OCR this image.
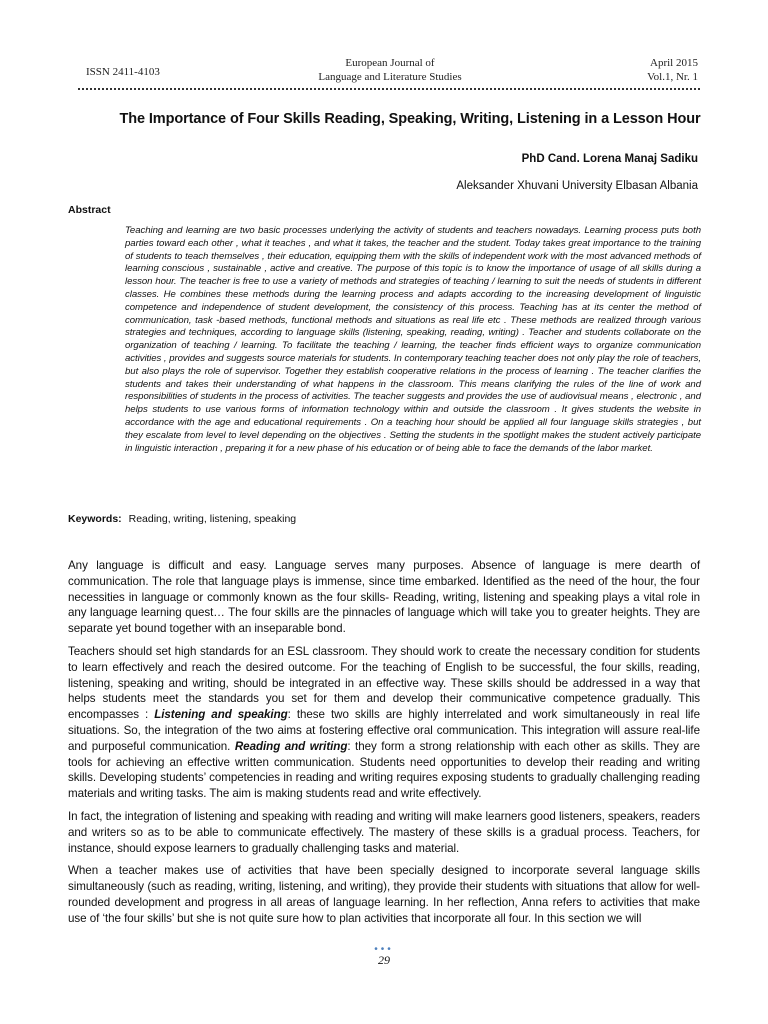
ISSN 2411-4103
European Journal of
Language and Literature Studies
April 2015
Vol.1, Nr. 1
The Importance of Four Skills Reading, Speaking, Writing, Listening in a Lesson Hour
PhD Cand. Lorena Manaj Sadiku
Aleksander Xhuvani University Elbasan Albania
Abstract
Teaching and learning are two basic processes underlying the activity of students and teachers nowadays. Learning process puts both parties toward each other , what it teaches , and what it takes, the teacher and the student. Today takes great importance to the training of students to teach themselves , their education, equipping them with the skills of independent work with the most advanced methods of learning conscious , sustainable , active and creative. The purpose of this topic is to know the importance of usage of all skills during a lesson hour. The teacher is free to use a variety of methods and strategies of teaching / learning to suit the needs of students in different classes. He combines these methods during the learning process and adapts according to the increasing development of linguistic competence and independence of student development, the consistency of this process. Teaching has at its center the method of communication, task -based methods, functional methods and situations as real life etc . These methods are realized through various strategies and techniques, according to language skills (listening, speaking, reading, writing) . Teacher and students collaborate on the organization of teaching / learning. To facilitate the teaching / learning, the teacher finds efficient ways to organize communication activities , provides and suggests source materials for students. In contemporary teaching teacher does not only play the role of teachers, but also plays the role of supervisor. Together they establish cooperative relations in the process of learning . The teacher clarifies the students and takes their understanding of what happens in the classroom. This means clarifying the rules of the line of work and responsibilities of students in the process of activities. The teacher suggests and provides the use of audiovisual means , electronic , and helps students to use various forms of information technology within and outside the classroom . It gives students the website in accordance with the age and educational requirements . On a teaching hour should be applied all four language skills strategies , but they escalate from level to level depending on the objectives . Setting the students in the spotlight makes the student actively participate in linguistic interaction , preparing it for a new phase of his education or of being able to face the demands of the labor market.
Keywords: Reading, writing, listening, speaking

Any language is difficult and easy. Language serves many purposes. Absence of language is mere dearth of communication. The role that language plays is immense, since time embarked. Identified as the need of the hour, the four necessities in language or commonly known as the four skills- Reading, writing, listening and speaking plays a vital role in any language learning quest… The four skills are the pinnacles of language which will take you to greater heights. They are separate yet bound together with an inseparable bond.

Teachers should set high standards for an ESL classroom. They should work to create the necessary condition for students to learn effectively and reach the desired outcome. For the teaching of English to be successful, the four skills, reading, listening, speaking and writing, should be integrated in an effective way. These skills should be addressed in a way that helps students meet the standards you set for them and develop their communicative competence gradually. This encompasses : Listening and speaking: these two skills are highly interrelated and work simultaneously in real life situations. So, the integration of the two aims at fostering effective oral communication. This integration will assure real-life and purposeful communication. Reading and writing: they form a strong relationship with each other as skills. They are tools for achieving an effective written communication. Students need opportunities to develop their reading and writing skills. Developing students’ competencies in reading and writing requires exposing students to gradually challenging reading materials and writing tasks. The aim is making students read and write effectively.

In fact, the integration of listening and speaking with reading and writing will make learners good listeners, speakers, readers and writers so as to be able to communicate effectively. The mastery of these skills is a gradual process. Teachers, for instance, should expose learners to gradually challenging tasks and material.

When a teacher makes use of activities that have been specially designed to incorporate several language skills simultaneously (such as reading, writing, listening, and writing), they provide their students with situations that allow for well-rounded development and progress in all areas of language learning. In her reflection, Anna refers to activities that make use of ‘the four skills’ but she is not quite sure how to plan activities that incorporate all four. In this section we will

•••
29
